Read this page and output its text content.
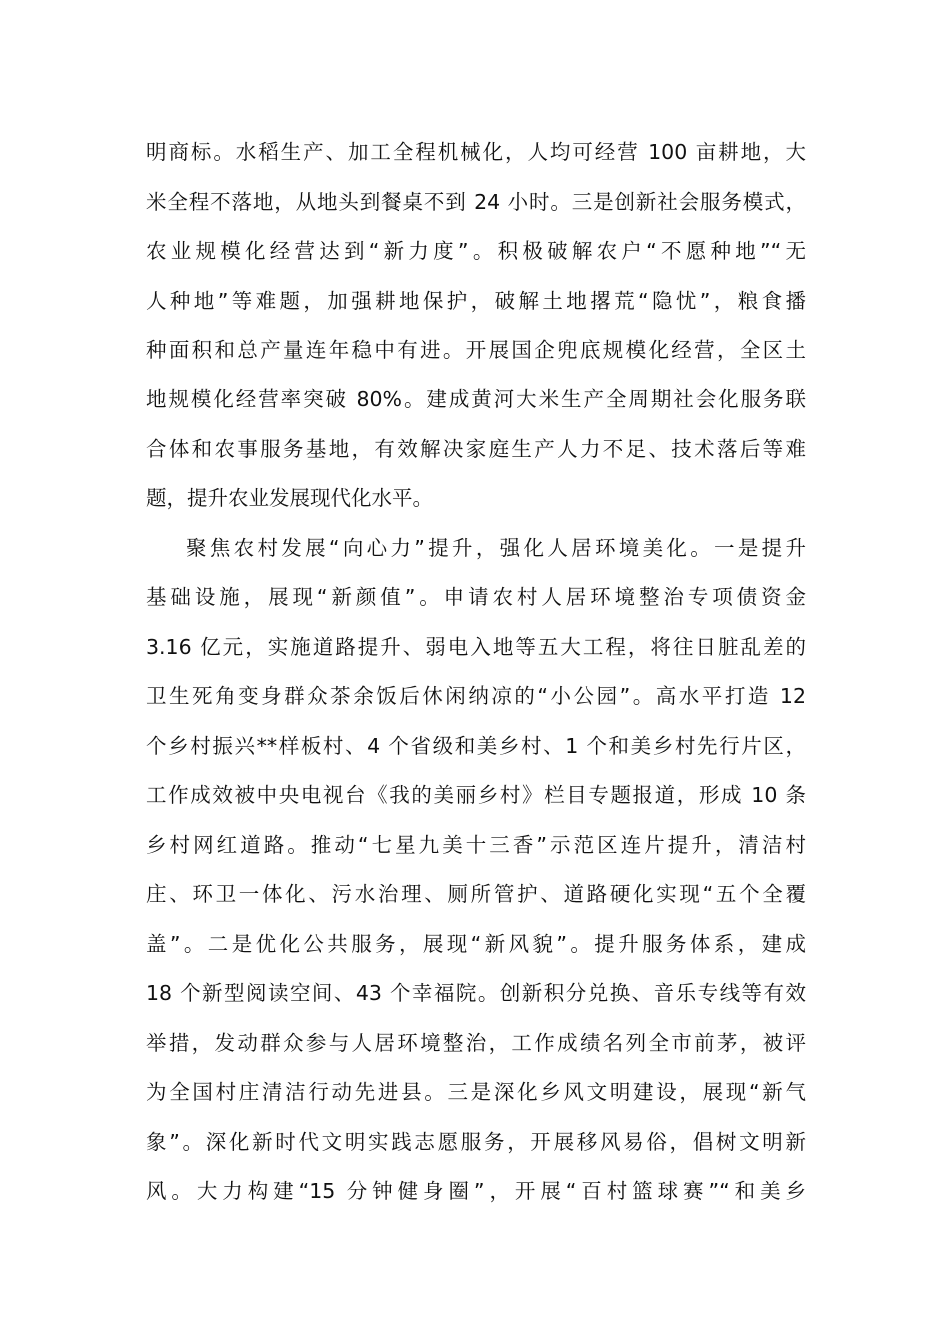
明商标。水稻生产、加工全程机械化，人均可经营 100 亩耕地，大
米全程不落地，从地头到餐桌不到 24 小时。三是创新社会服务模式，
农业规模化经营达到“新力度”。积极破解农户“不愿种地”“无
人种地”等难题，加强耕地保护，破解土地撂荒“隐忧”，粮食播
种面积和总产量连年稳中有进。开展国企兜底规模化经营，全区土
地规模化经营率突破 80%。建成黄河大米生产全周期社会化服务联
合体和农事服务基地，有效解决家庭生产人力不足、技术落后等难
题，提升农业发展现代化水平。
聚焦农村发展“向心力”提升，强化人居环境美化。一是提升
基础设施，展现“新颜值”。申请农村人居环境整治专项债资金
3.16 亿元，实施道路提升、弱电入地等五大工程，将往日脏乱差的
卫生死角变身群众茶余饭后休闲纳凉的“小公园”。高水平打造 12
个乡村振兴**样板村、4 个省级和美乡村、1 个和美乡村先行片区，
工作成效被中央电视台《我的美丽乡村》栏目专题报道，形成 10 条
乡村网红道路。推动“七星九美十三香”示范区连片提升，清洁村
庄、环卫一体化、污水治理、厕所管护、道路硬化实现“五个全覆
盖”。二是优化公共服务，展现“新风貌”。提升服务体系，建成
18 个新型阅读空间、43 个幸福院。创新积分兑换、音乐专线等有效
举措，发动群众参与人居环境整治，工作成绩名列全市前茅，被评
为全国村庄清洁行动先进县。三是深化乡风文明建设，展现“新气
象”。深化新时代文明实践志愿服务，开展移风易俗，倡树文明新
风。大力构建“15 分钟健身圈”，开展“百村篮球赛”“和美乡
